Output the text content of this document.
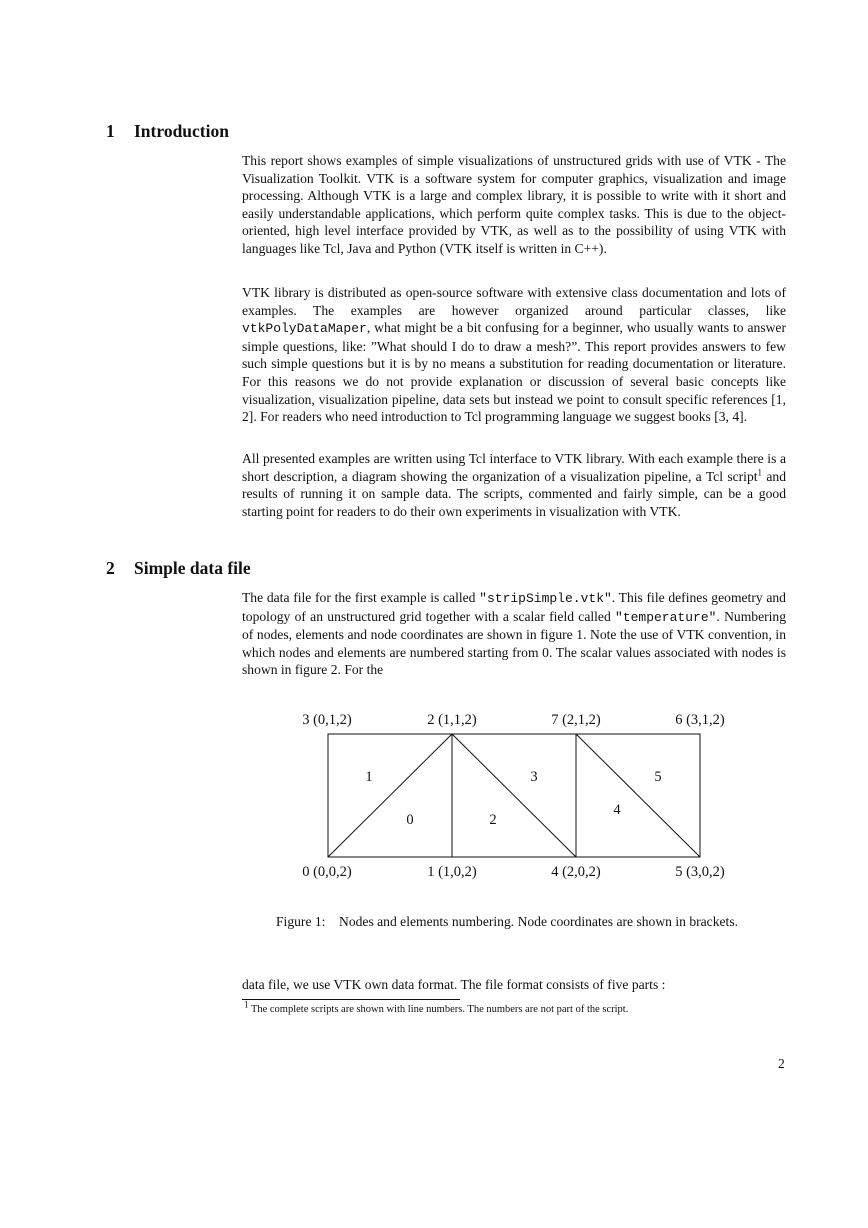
1 Introduction

This report shows examples of simple visualizations of unstructured grids with use of VTK - The Visualization Toolkit. VTK is a software system for computer graphics, visualization and image processing. Although VTK is a large and complex library, it is possible to write with it short and easily understandable applications, which perform quite complex tasks. This is due to the object-oriented, high level interface provided by VTK, as well as to the possibility of using VTK with languages like Tcl, Java and Python (VTK itself is written in C++).

VTK library is distributed as open-source software with extensive class documentation and lots of examples. The examples are however organized around particular classes, like vtkPolyDataMaper, what might be a bit confusing for a beginner, who usually wants to answer simple questions, like: ”What should I do to draw a mesh?”. This report provides answers to few such simple questions but it is by no means a substitution for reading documentation or literature. For this reasons we do not provide explanation or discussion of several basic concepts like visualization, visualization pipeline, data sets but instead we point to consult specific references [1, 2]. For readers who need introduction to Tcl programming language we suggest books [3, 4].

All presented examples are written using Tcl interface to VTK library. With each example there is a short description, a diagram showing the organization of a visualization pipeline, a Tcl script$^1$ and results of running it on sample data. The scripts, commented and fairly simple, can be a good starting point for readers to do their own experiments in visualization with VTK.

2 Simple data file

The data file for the first example is called "stripSimple.vtk". This file defines geometry and topology of an unstructured grid together with a scalar field called "temperature". Numbering of nodes, elements and node coordinates are shown in figure 1. Note the use of VTK convention, in which nodes and elements are numbered starting from 0. The scalar values associated with nodes is shown in figure 2. For the

3 (0,1,2)	2 (1,1,2)	7 (2,1,2)	6 (3,1,2)
0 (0,0,2)	1 (1,0,2)	4 (2,0,2)	5 (3,0,2)
1
0
3
2
4
5
Figure 1: Nodes and elements numbering. Node coordinates are shown in brackets.

data file, we use VTK own data format. The file format consists of five parts :

$^1$ The complete scripts are shown with line numbers. The numbers are not part of the script.
2
